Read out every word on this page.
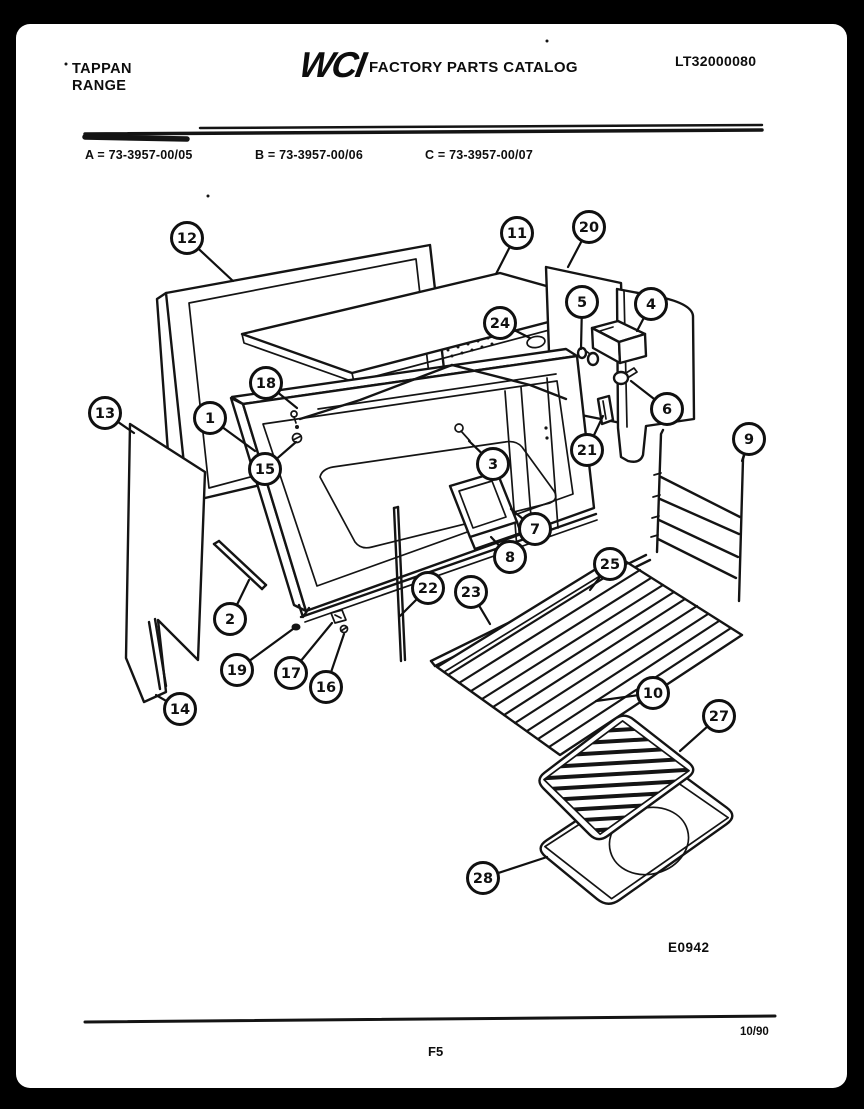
TAPPAN
RANGE
WCI FACTORY PARTS CATALOG	LT32000080
A = 73-3957-00/05	B = 73-3957-00/06	C = 73-3957-00/07
E0942
10/90
F5
1
2
3
4
5
6
7
8
9
10
11
12
13
14
15
16
17
18
19
20
21
22 23
24
25
27
28
